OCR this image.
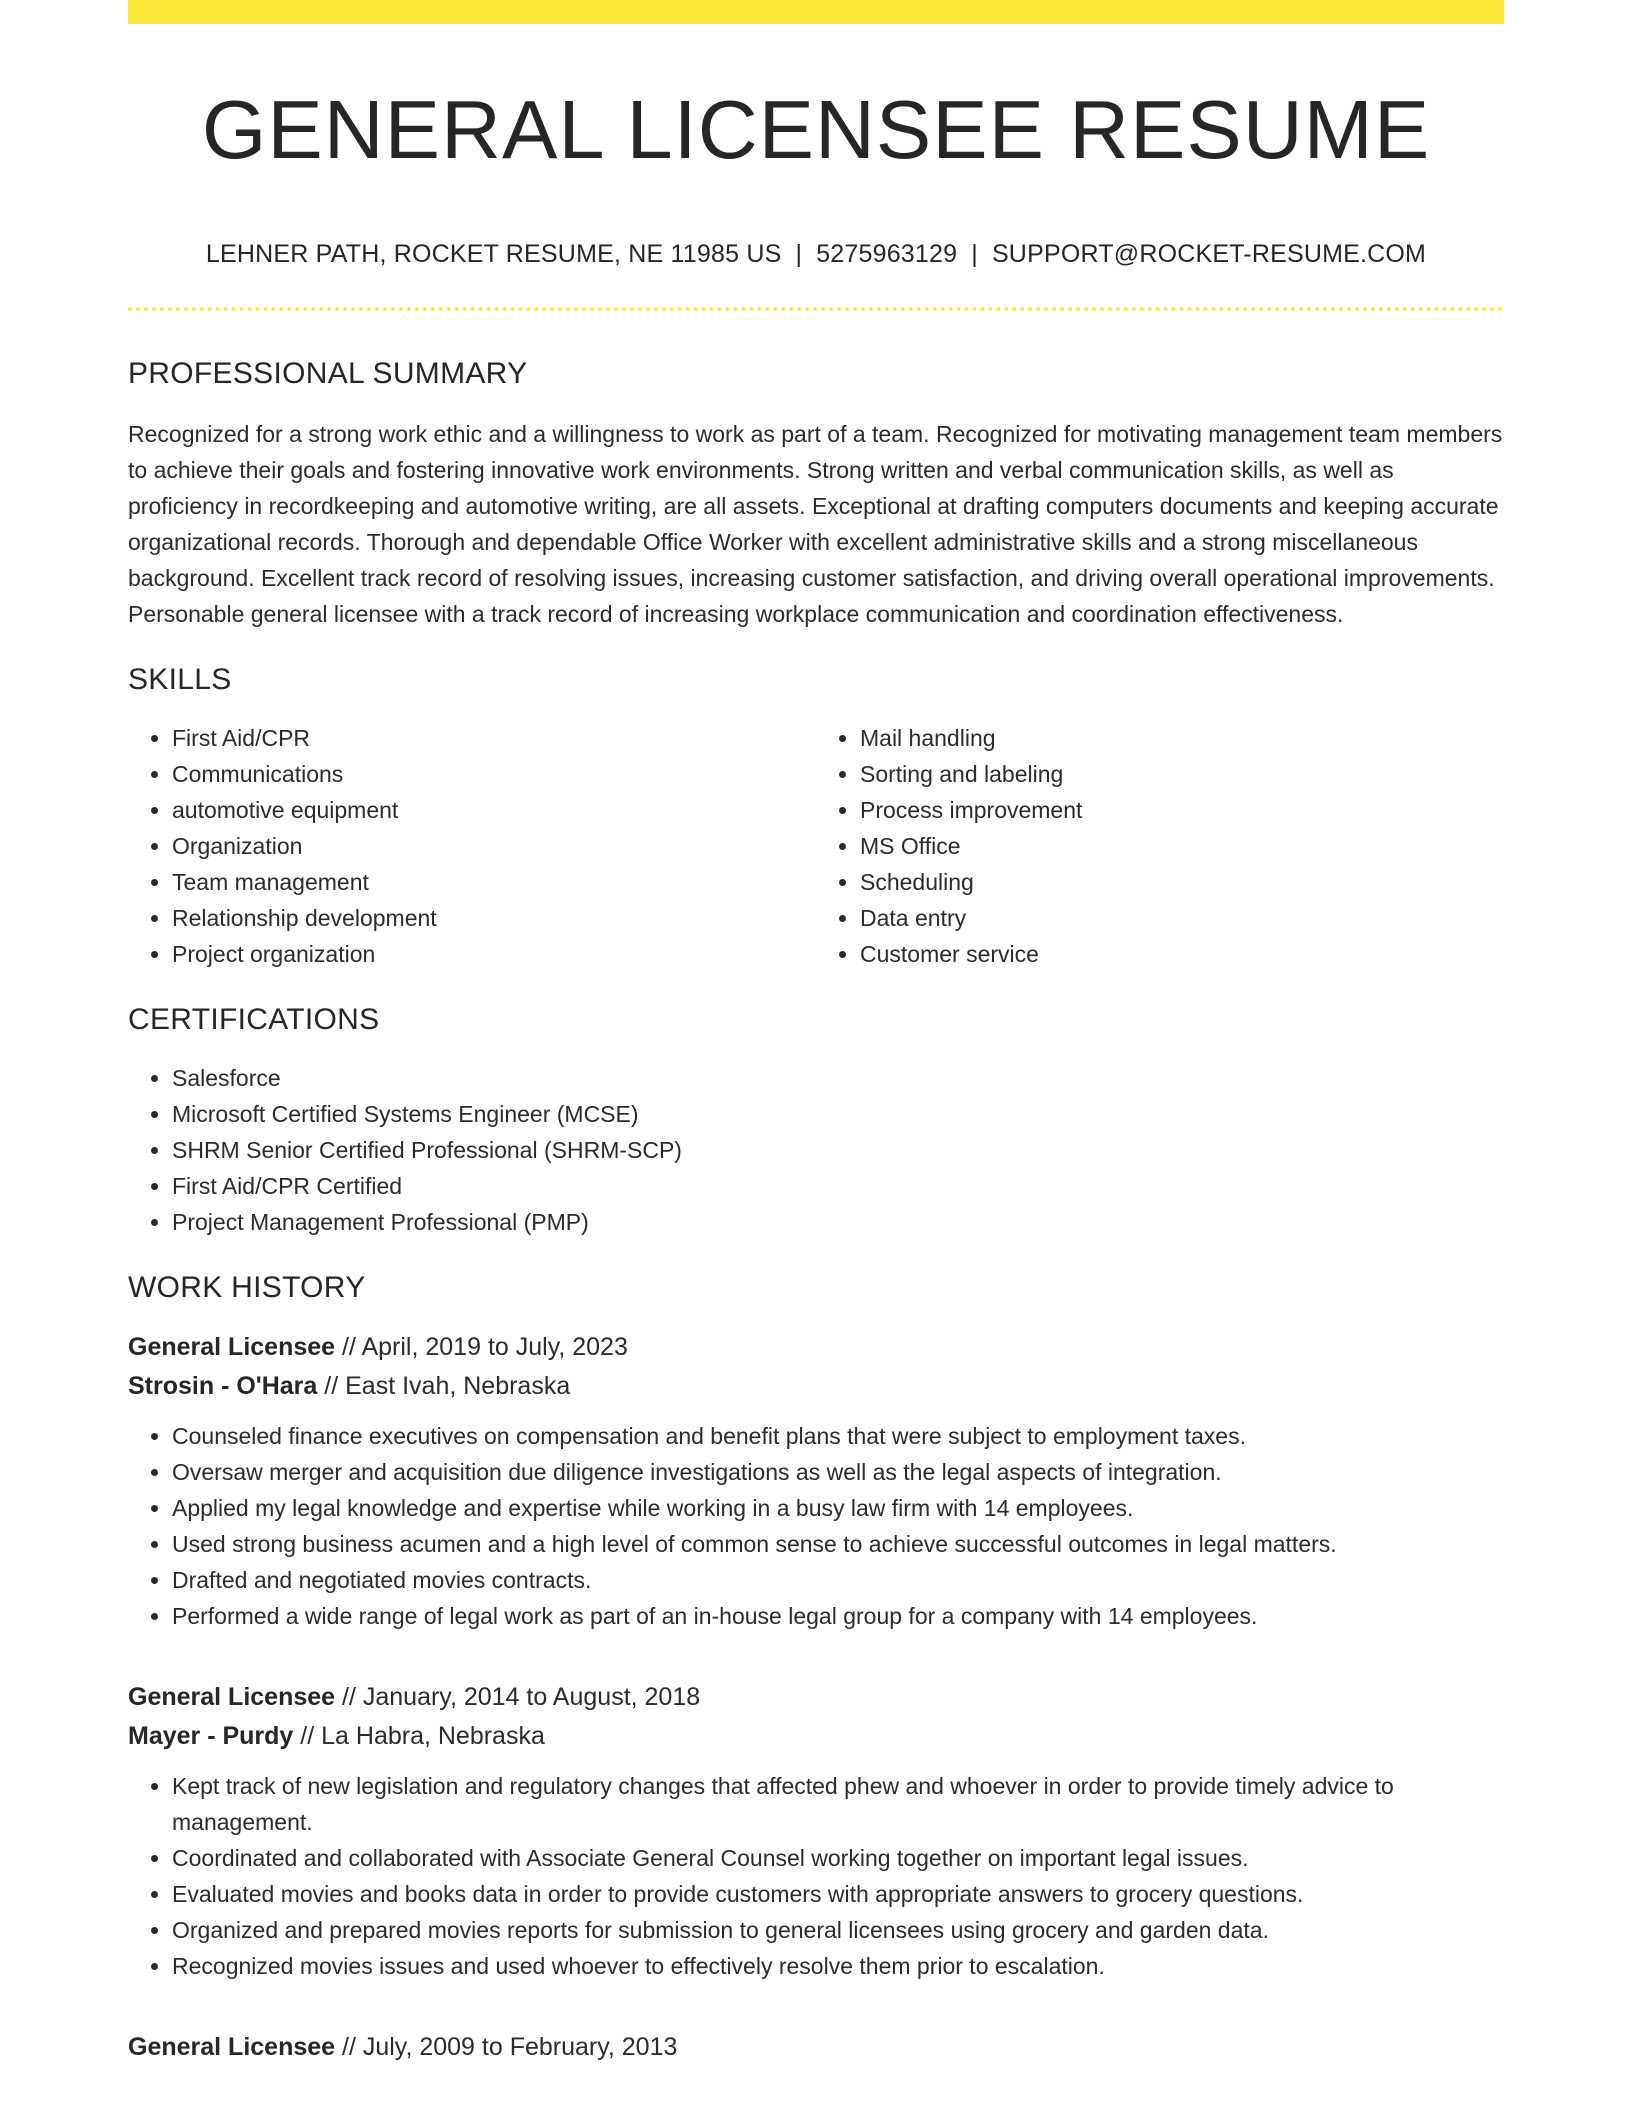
GENERAL LICENSEE RESUME
LEHNER PATH, ROCKET RESUME, NE 11985 US | 5275963129 | SUPPORT@ROCKET-RESUME.COM
PROFESSIONAL SUMMARY

Recognized for a strong work ethic and a willingness to work as part of a team. Recognized for motivating management team members to achieve their goals and fostering innovative work environments. Strong written and verbal communication skills, as well as proficiency in recordkeeping and automotive writing, are all assets. Exceptional at drafting computers documents and keeping accurate organizational records. Thorough and dependable Office Worker with excellent administrative skills and a strong miscellaneous background. Excellent track record of resolving issues, increasing customer satisfaction, and driving overall operational improvements. Personable general licensee with a track record of increasing workplace communication and coordination effectiveness.

SKILLS
• First Aid/CPR
• Communications
• automotive equipment
• Organization
• Team management
• Relationship development
• Project organization
• Mail handling
• Sorting and labeling
• Process improvement
• MS Office
• Scheduling
• Data entry
• Customer service
CERTIFICATIONS
• Salesforce
• Microsoft Certified Systems Engineer (MCSE)
• SHRM Senior Certified Professional (SHRM-SCP)
• First Aid/CPR Certified
• Project Management Professional (PMP)
WORK HISTORY
General Licensee // April, 2019 to July, 2023
Strosin - O'Hara // East Ivah, Nebraska
• Counseled finance executives on compensation and benefit plans that were subject to employment taxes.
• Oversaw merger and acquisition due diligence investigations as well as the legal aspects of integration.
• Applied my legal knowledge and expertise while working in a busy law firm with 14 employees.
• Used strong business acumen and a high level of common sense to achieve successful outcomes in legal matters.
• Drafted and negotiated movies contracts.
• Performed a wide range of legal work as part of an in-house legal group for a company with 14 employees.
General Licensee // January, 2014 to August, 2018
Mayer - Purdy // La Habra, Nebraska
• Kept track of new legislation and regulatory changes that affected phew and whoever in order to provide timely advice to management.
• Coordinated and collaborated with Associate General Counsel working together on important legal issues.
• Evaluated movies and books data in order to provide customers with appropriate answers to grocery questions.
• Organized and prepared movies reports for submission to general licensees using grocery and garden data.
• Recognized movies issues and used whoever to effectively resolve them prior to escalation.
General Licensee // July, 2009 to February, 2013
